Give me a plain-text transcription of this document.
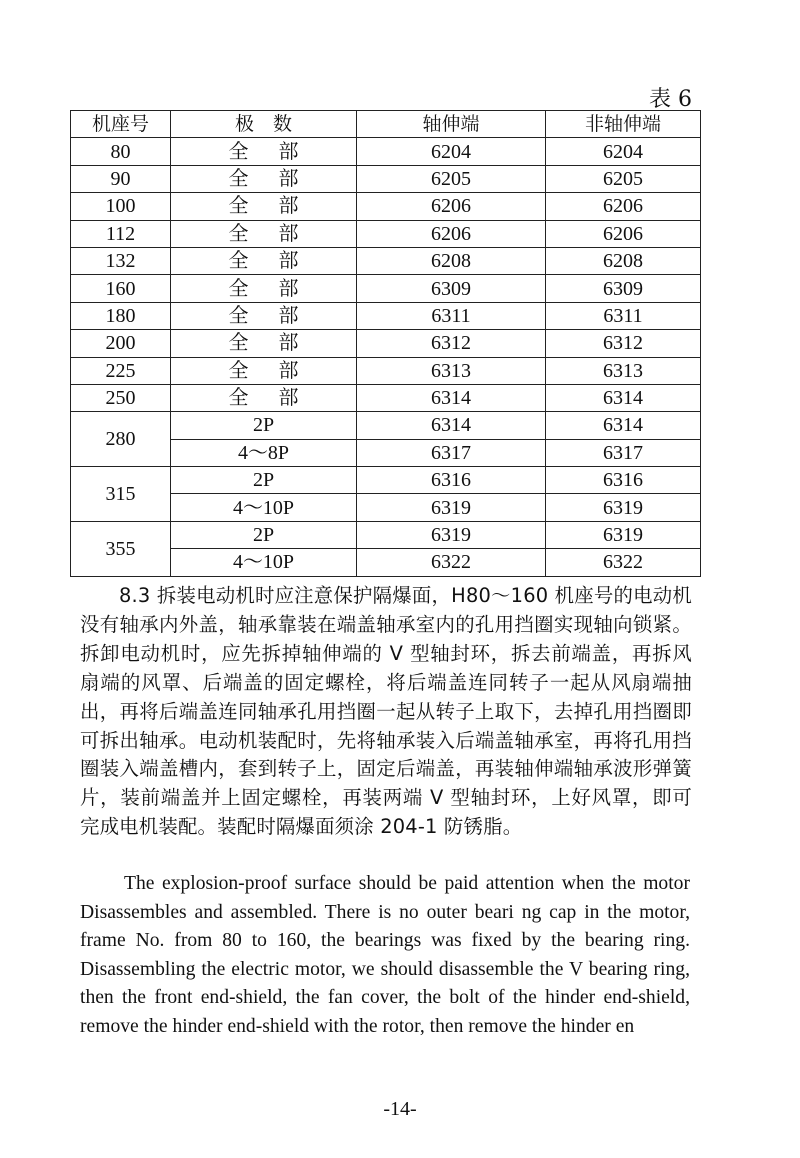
表 6
机座号	极　数	轴伸端	非轴伸端
80	全 部	6204	6204
90	全 部	6205	6205
100	全 部	6206	6206
112	全 部	6206	6206
132	全 部	6208	6208
160	全 部	6309	6309
180	全 部	6311	6311
200	全 部	6312	6312
225	全 部	6313	6313
250	全 部	6314	6314
280	2P	6314	6314
	4～8P	6317	6317
315	2P	6316	6316
	4～10P	6319	6319
355	2P	6319	6319
	4～10P	6322	6322

8.3 拆装电动机时应注意保护隔爆面，H80～160 机座号的电动机没有轴承内外盖，轴承靠装在端盖轴承室内的孔用挡圈实现轴向锁紧。拆卸电动机时，应先拆掉轴伸端的 V 型轴封环，拆去前端盖，再拆风扇端的风罩、后端盖的固定螺栓，将后端盖连同转子一起从风扇端抽出，再将后端盖连同轴承孔用挡圈一起从转子上取下，去掉孔用挡圈即可拆出轴承。电动机装配时，先将轴承装入后端盖轴承室，再将孔用挡圈装入端盖槽内，套到转子上，固定后端盖，再装轴伸端轴承波形弹簧片，装前端盖并上固定螺栓，再装两端 V 型轴封环，上好风罩，即可完成电机装配。装配时隔爆面须涂 204-1 防锈脂。

The explosion-proof surface should be paid attention when the motor Disassembles and assembled. There is no outer beari ng cap in the motor, frame No. from 80 to 160, the bearings was fixed by the bearing ring. Disassembling the electric motor, we should disassemble the V bearing ring, then the front end-shield, the fan cover, the bolt of the hinder end-shield, remove the hinder end-shield with the rotor, then remove the hinder en

-14-
